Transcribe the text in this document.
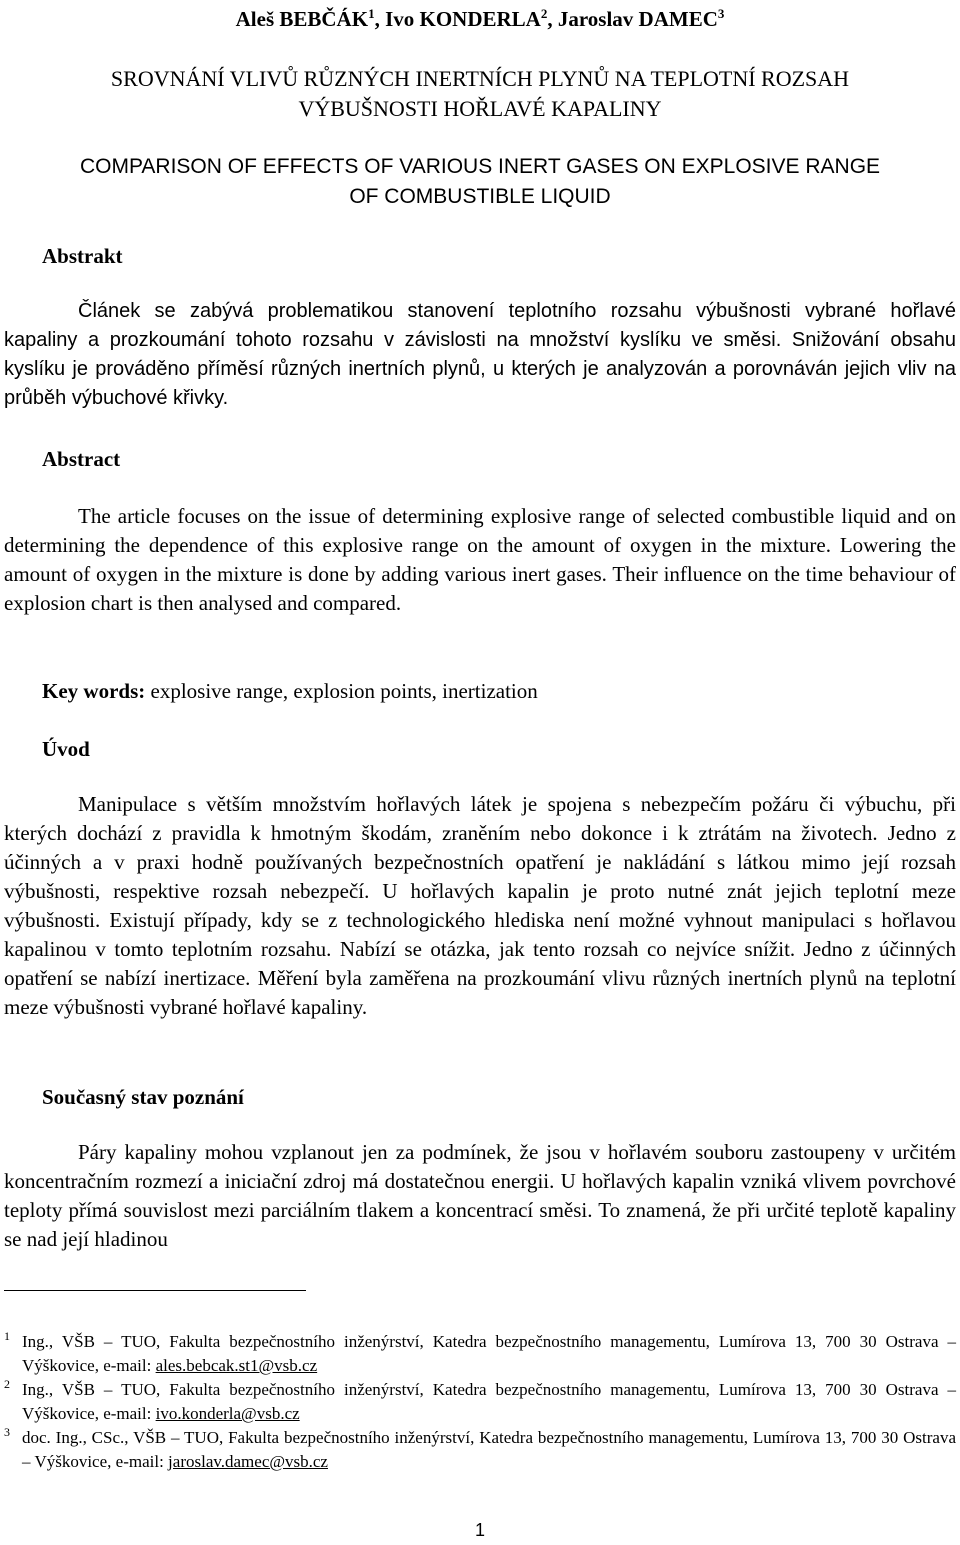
Aleš BEBČÁK$^1$, Ivo KONDERLA$^2$, Jaroslav DAMEC$^3$

SROVNÁNÍ VLIVŮ RŮZNÝCH INERTNÍCH PLYNŮ NA TEPLOTNÍ ROZSAH
VÝBUŠNOSTI HOŘLAVÉ KAPALINY
COMPARISON OF EFFECTS OF VARIOUS INERT GASES ON EXPLOSIVE RANGE
OF COMBUSTIBLE LIQUID
Abstrakt

Článek se zabývá problematikou stanovení teplotního rozsahu výbušnosti vybrané hořlavé kapaliny a prozkoumání tohoto rozsahu v závislosti na množství kyslíku ve směsi. Snižování obsahu kyslíku je prováděno příměsí různých inertních plynů, u kterých je analyzován a porovnáván jejich vliv na průběh výbuchové křivky.

Abstract

The article focuses on the issue of determining explosive range of selected combustible liquid and on determining the dependence of this explosive range on the amount of oxygen in the mixture. Lowering the amount of oxygen in the mixture is done by adding various inert gases. Their influence on the time behaviour of explosion chart is then analysed and compared.

Key words: explosive range, explosion points, inertization

Úvod

Manipulace s větším množstvím hořlavých látek je spojena s nebezpečím požáru či výbuchu, při kterých dochází z pravidla k hmotným škodám, zraněním nebo dokonce i k ztrátám na životech. Jedno z účinných a v praxi hodně používaných bezpečnostních opatření je nakládání s látkou mimo její rozsah výbušnosti, respektive rozsah nebezpečí. U hořlavých kapalin je proto nutné znát jejich teplotní meze výbušnosti. Existují případy, kdy se z technologického hlediska není možné vyhnout manipulaci s hořlavou kapalinou v tomto teplotním rozsahu. Nabízí se otázka, jak tento rozsah co nejvíce snížit. Jedno z účinných opatření se nabízí inertizace. Měření byla zaměřena na prozkoumání vlivu různých inertních plynů na teplotní meze výbušnosti vybrané hořlavé kapaliny.

Současný stav poznání

Páry kapaliny mohou vzplanout jen za podmínek, že jsou v hořlavém souboru zastoupeny v určitém koncentračním rozmezí a iniciační zdroj má dostatečnou energii. U hořlavých kapalin vzniká vlivem povrchové teploty přímá souvislost mezi parciálním tlakem a koncentrací směsi. To znamená, že při určité teplotě kapaliny se nad její hladinou

1 Ing., VŠB – TUO, Fakulta bezpečnostního inženýrství, Katedra bezpečnostního managementu, Lumírova 13, 700 30 Ostrava – Výškovice, e-mail: ales.bebcak.st1@vsb.cz
2 Ing., VŠB – TUO, Fakulta bezpečnostního inženýrství, Katedra bezpečnostního managementu, Lumírova 13, 700 30 Ostrava – Výškovice, e-mail: ivo.konderla@vsb.cz
3 doc. Ing., CSc., VŠB – TUO, Fakulta bezpečnostního inženýrství, Katedra bezpečnostního managementu, Lumírova 13, 700 30 Ostrava – Výškovice, e-mail: jaroslav.damec@vsb.cz
1
